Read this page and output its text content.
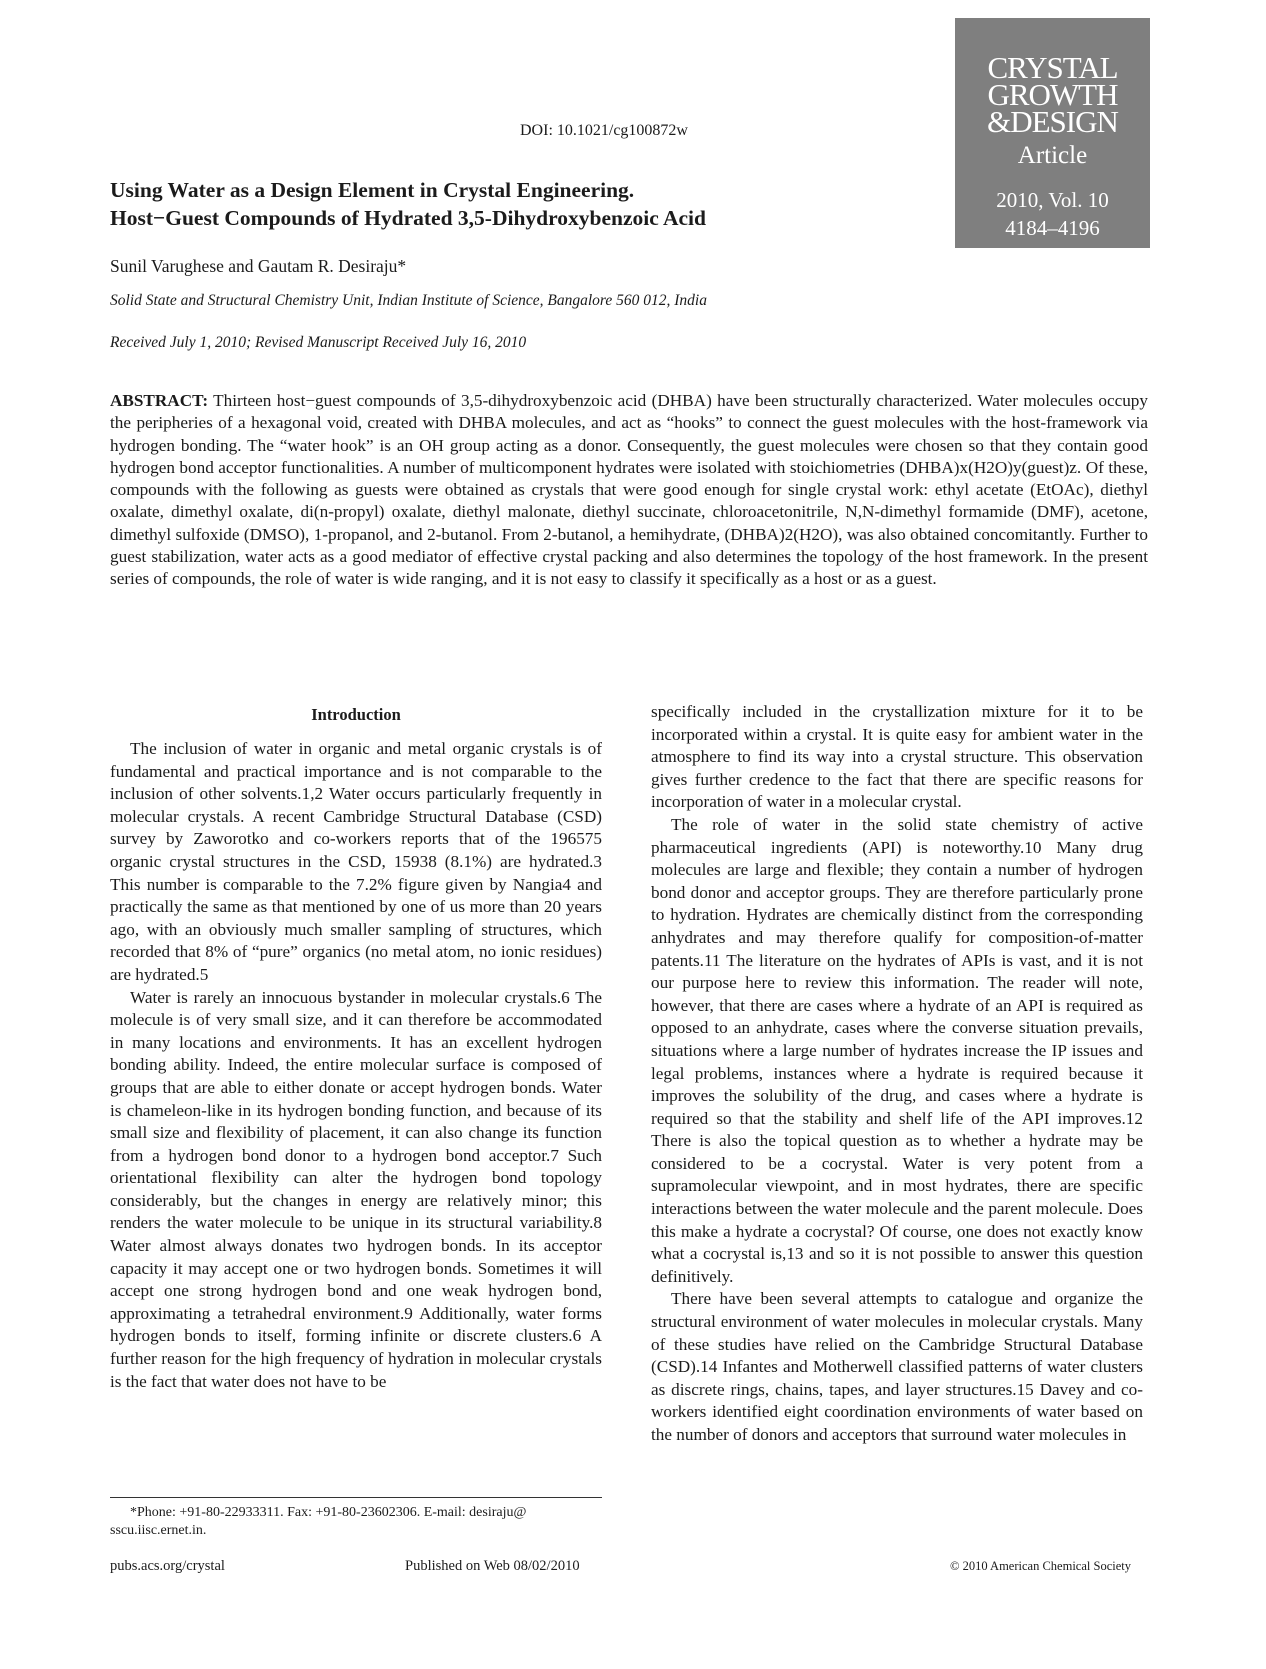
CRYSTAL
GROWTH
&DESIGN
Article
2010, Vol. 10
4184–4196
DOI: 10.1021/cg100872w
Using Water as a Design Element in Crystal Engineering.
Host−Guest Compounds of Hydrated 3,5-Dihydroxybenzoic Acid
Sunil Varughese and Gautam R. Desiraju*
Solid State and Structural Chemistry Unit, Indian Institute of Science, Bangalore 560 012, India
Received July 1, 2010; Revised Manuscript Received July 16, 2010

ABSTRACT: Thirteen host−guest compounds of 3,5-dihydroxybenzoic acid (DHBA) have been structurally characterized. Water molecules occupy the peripheries of a hexagonal void, created with DHBA molecules, and act as “hooks” to connect the guest molecules with the host-framework via hydrogen bonding. The “water hook” is an OH group acting as a donor. Consequently, the guest molecules were chosen so that they contain good hydrogen bond acceptor functionalities. A number of multicomponent hydrates were isolated with stoichiometries (DHBA)x(H2O)y(guest)z. Of these, compounds with the following as guests were obtained as crystals that were good enough for single crystal work: ethyl acetate (EtOAc), diethyl oxalate, dimethyl oxalate, di(n-propyl) oxalate, diethyl malonate, diethyl succinate, chloroacetonitrile, N,N-dimethyl formamide (DMF), acetone, dimethyl sulfoxide (DMSO), 1-propanol, and 2-butanol. From 2-butanol, a hemihydrate, (DHBA)2(H2O), was also obtained concomitantly. Further to guest stabilization, water acts as a good mediator of effective crystal packing and also determines the topology of the host framework. In the present series of compounds, the role of water is wide ranging, and it is not easy to classify it specifically as a host or as a guest.

Introduction

The inclusion of water in organic and metal organic crystals is of fundamental and practical importance and is not comparable to the inclusion of other solvents.1,2 Water occurs particularly frequently in molecular crystals. A recent Cambridge Structural Database (CSD) survey by Zaworotko and co-workers reports that of the 196575 organic crystal structures in the CSD, 15938 (8.1%) are hydrated.3 This number is comparable to the 7.2% figure given by Nangia4 and practically the same as that mentioned by one of us more than 20 years ago, with an obviously much smaller sampling of structures, which recorded that 8% of “pure” organics (no metal atom, no ionic residues) are hydrated.5

Water is rarely an innocuous bystander in molecular crystals.6 The molecule is of very small size, and it can therefore be accommodated in many locations and environments. It has an excellent hydrogen bonding ability. Indeed, the entire molecular surface is composed of groups that are able to either donate or accept hydrogen bonds. Water is chameleon-like in its hydrogen bonding function, and because of its small size and flexibility of placement, it can also change its function from a hydrogen bond donor to a hydrogen bond acceptor.7 Such orientational flexibility can alter the hydrogen bond topology considerably, but the changes in energy are relatively minor; this renders the water molecule to be unique in its structural variability.8 Water almost always donates two hydrogen bonds. In its acceptor capacity it may accept one or two hydrogen bonds. Sometimes it will accept one strong hydrogen bond and one weak hydrogen bond, approximating a tetrahedral environment.9 Additionally, water forms hydrogen bonds to itself, forming infinite or discrete clusters.6 A further reason for the high frequency of hydration in molecular crystals is the fact that water does not have to be

specifically included in the crystallization mixture for it to be incorporated within a crystal. It is quite easy for ambient water in the atmosphere to find its way into a crystal structure. This observation gives further credence to the fact that there are specific reasons for incorporation of water in a molecular crystal.

The role of water in the solid state chemistry of active pharmaceutical ingredients (API) is noteworthy.10 Many drug molecules are large and flexible; they contain a number of hydrogen bond donor and acceptor groups. They are therefore particularly prone to hydration. Hydrates are chemically distinct from the corresponding anhydrates and may therefore qualify for composition-of-matter patents.11 The literature on the hydrates of APIs is vast, and it is not our purpose here to review this information. The reader will note, however, that there are cases where a hydrate of an API is required as opposed to an anhydrate, cases where the converse situation prevails, situations where a large number of hydrates increase the IP issues and legal problems, instances where a hydrate is required because it improves the solubility of the drug, and cases where a hydrate is required so that the stability and shelf life of the API improves.12 There is also the topical question as to whether a hydrate may be considered to be a cocrystal. Water is very potent from a supramolecular viewpoint, and in most hydrates, there are specific interactions between the water molecule and the parent molecule. Does this make a hydrate a cocrystal? Of course, one does not exactly know what a cocrystal is,13 and so it is not possible to answer this question definitively.

There have been several attempts to catalogue and organize the structural environment of water molecules in molecular crystals. Many of these studies have relied on the Cambridge Structural Database (CSD).14 Infantes and Motherwell classified patterns of water clusters as discrete rings, chains, tapes, and layer structures.15 Davey and co-workers identified eight coordination environments of water based on the number of donors and acceptors that surround water molecules in

*Phone: +91-80-22933311. Fax: +91-80-23602306. E-mail: desiraju@ sscu.iisc.ernet.in.
pubs.acs.org/crystal	Published on Web 08/02/2010	© 2010 American Chemical Society
